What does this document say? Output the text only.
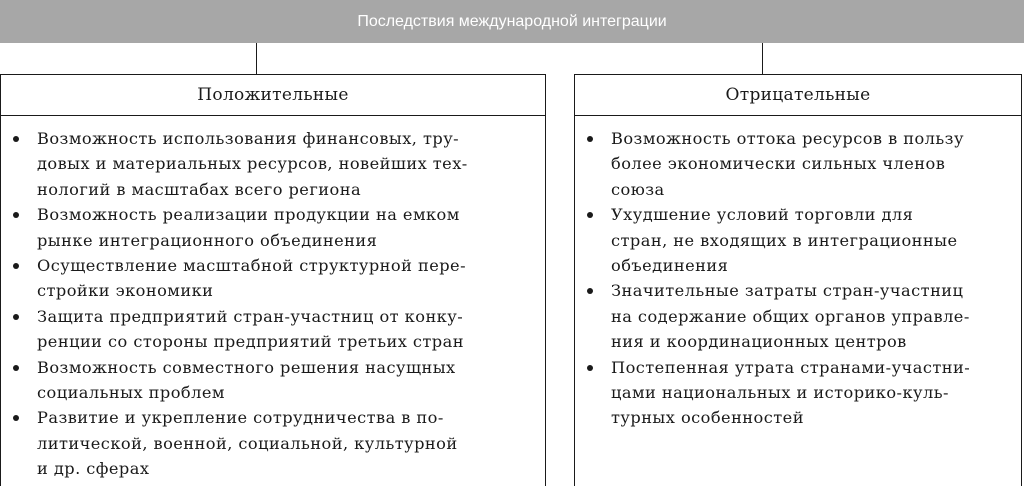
Последствия международной интеграции
Положительные
Возможность использования финансовых, тру-
довых и материальных ресурсов, новейших тех-
нологий в масштабах всего региона
Возможность реализации продукции на емком
рынке интеграционного объединения
Осуществление масштабной структурной пере-
стройки экономики
Защита предприятий стран-участниц от конку-
ренции со стороны предприятий третьих стран
Возможность совместного решения насущных
социальных проблем
Развитие и укрепление сотрудничества в по-
литической, военной, социальной, культурной
и др. сферах
Отрицательные
Возможность оттока ресурсов в пользу
более экономически сильных членов
союза
Ухудшение условий торговли для
стран, не входящих в интеграционные
объединения
Значительные затраты стран-участниц
на содержание общих органов управле-
ния и координационных центров
Постепенная утрата странами-участни-
цами национальных и историко-куль-
турных особенностей
